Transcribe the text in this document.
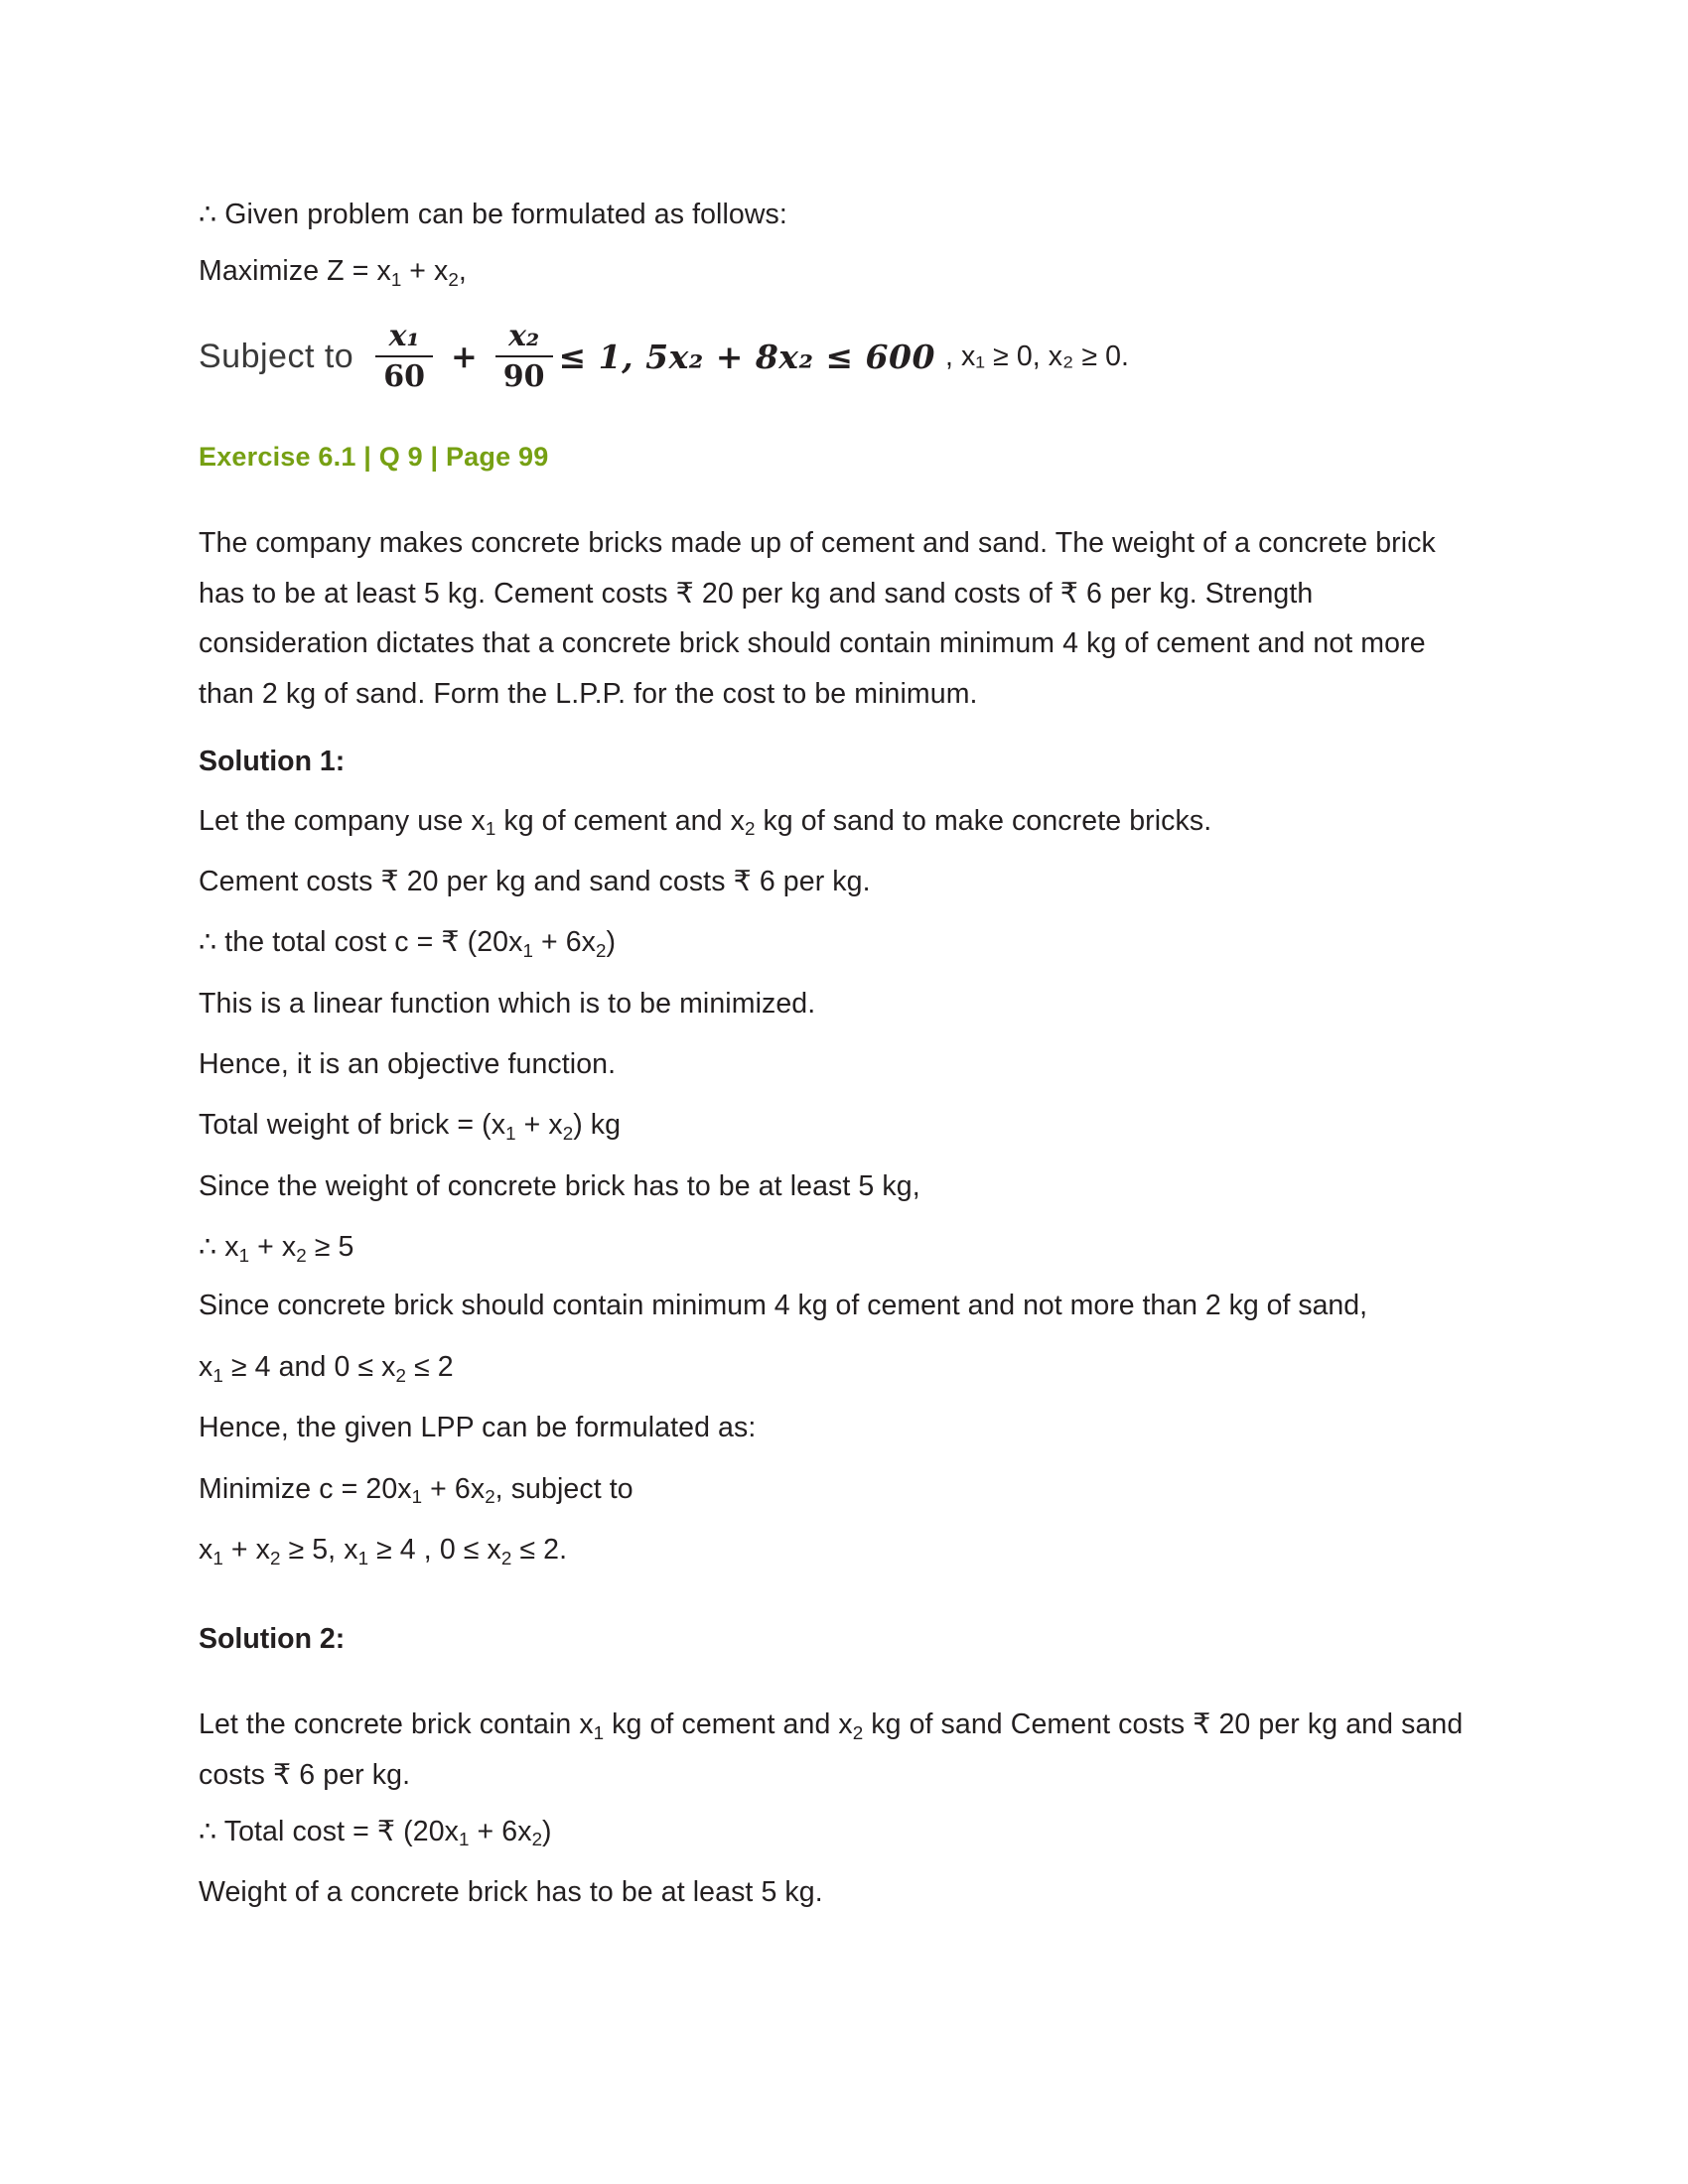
∴ Given problem can be formulated as follows:

Maximize $Z = x_1 + x_2$,

Subject to $\frac{\text{x₁}}{60} + \frac{\text{x₂}}{90} \le 1$, 5x₂ + 8x₂ ≤ 600 , x₁ ≥ 0, x₂ ≥ 0.
Exercise 6.1 | Q 9 | Page 99

The company makes concrete bricks made up of cement and sand. The weight of a concrete brick has to be at least 5 kg. Cement costs ₹ 20 per kg and sand costs of ₹ 6 per kg. Strength consideration dictates that a concrete brick should contain minimum 4 kg of cement and not more than 2 kg of sand. Form the L.P.P. for the cost to be minimum.

Solution 1:

Let the company use $x_1$ kg of cement and $x_2$ kg of sand to make concrete bricks.

Cement costs ₹ 20 per kg and sand costs ₹ 6 per kg.

∴ the total cost c = ₹ $(20x_1 + 6x_2)$

This is a linear function which is to be minimized.

Hence, it is an objective function.

Total weight of brick = $(x_1 + x_2)$ kg

Since the weight of concrete brick has to be at least 5 kg,

∴ $x_1 + x_2 \ge 5$

Since concrete brick should contain minimum 4 kg of cement and not more than 2 kg of sand,

$x_1 \ge 4$ and $0 \le x_2 \le 2$

Hence, the given LPP can be formulated as:

Minimize $c = 20x_1 + 6x_2$, subject to

$x_1 + x_2 \ge 5$, $x_1 \ge 4$ , $0 \le x_2 \le 2$.

Solution 2:

Let the concrete brick contain $x_1$ kg of cement and $x_2$ kg of sand Cement costs ₹ 20 per kg and sand costs ₹ 6 per kg.

∴ Total cost = ₹ $(20x_1 + 6x_2)$

Weight of a concrete brick has to be at least 5 kg.
